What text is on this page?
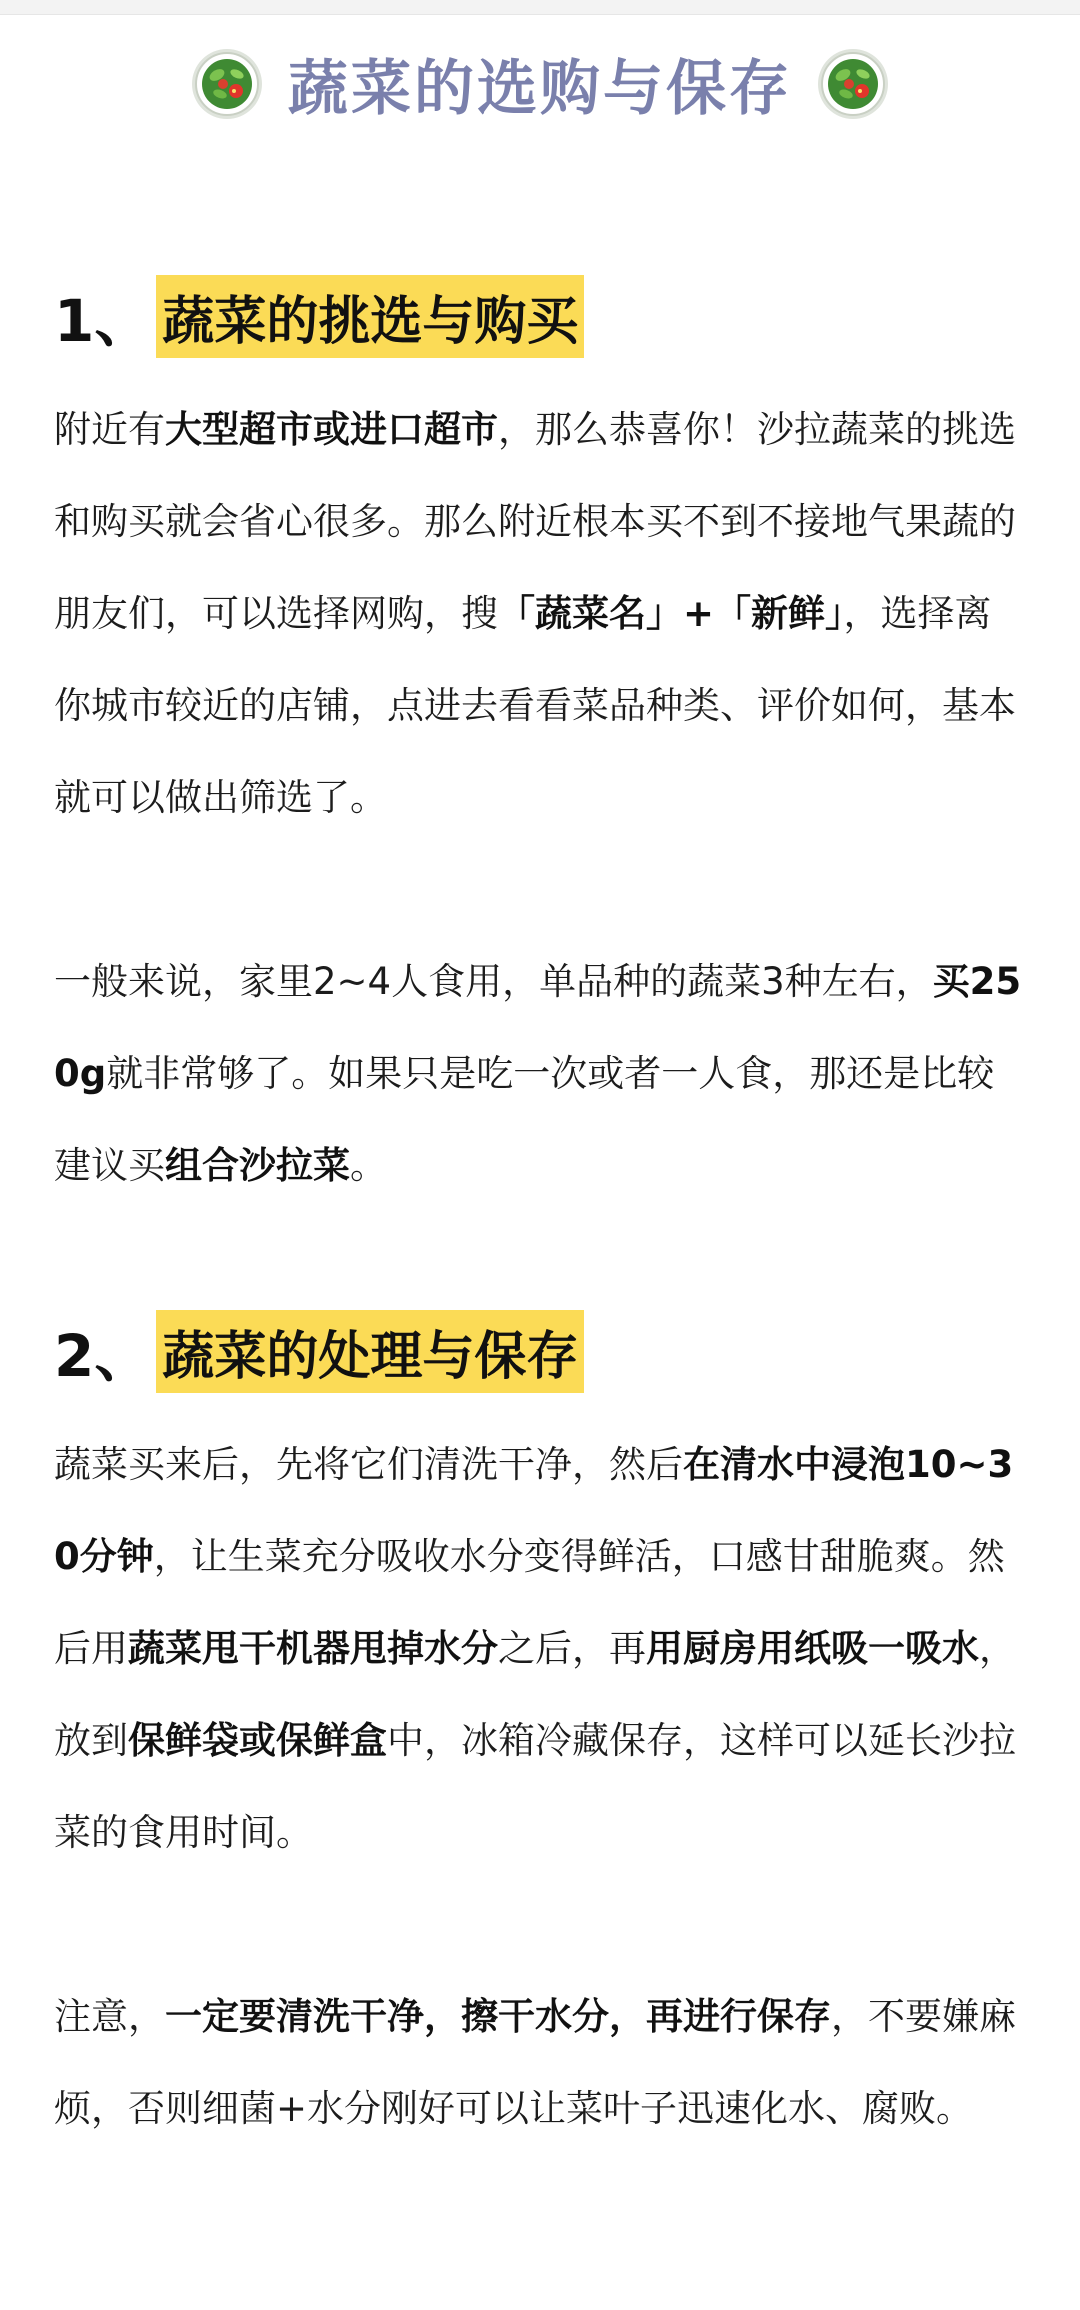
蔬菜的选购与保存
1、 蔬菜的挑选与购买

附近有大型超市或进口超市，那么恭喜你！沙拉蔬菜的挑选和购买就会省心很多。那么附近根本买不到不接地气果蔬的朋友们，可以选择网购，搜「蔬菜名」+「新鲜」，选择离你城市较近的店铺，点进去看看菜品种类、评价如何，基本就可以做出筛选了。

一般来说，家里2~4人食用，单品种的蔬菜3种左右，买250g就非常够了。如果只是吃一次或者一人食，那还是比较建议买组合沙拉菜。

2、 蔬菜的处理与保存

蔬菜买来后，先将它们清洗干净，然后在清水中浸泡10~30分钟，让生菜充分吸收水分变得鲜活，口感甘甜脆爽。然后用蔬菜甩干机器甩掉水分之后，再用厨房用纸吸一吸水，放到保鲜袋或保鲜盒中，冰箱冷藏保存，这样可以延长沙拉菜的食用时间。

注意，一定要清洗干净，擦干水分，再进行保存，不要嫌麻烦，否则细菌+水分刚好可以让菜叶子迅速化水、腐败。
